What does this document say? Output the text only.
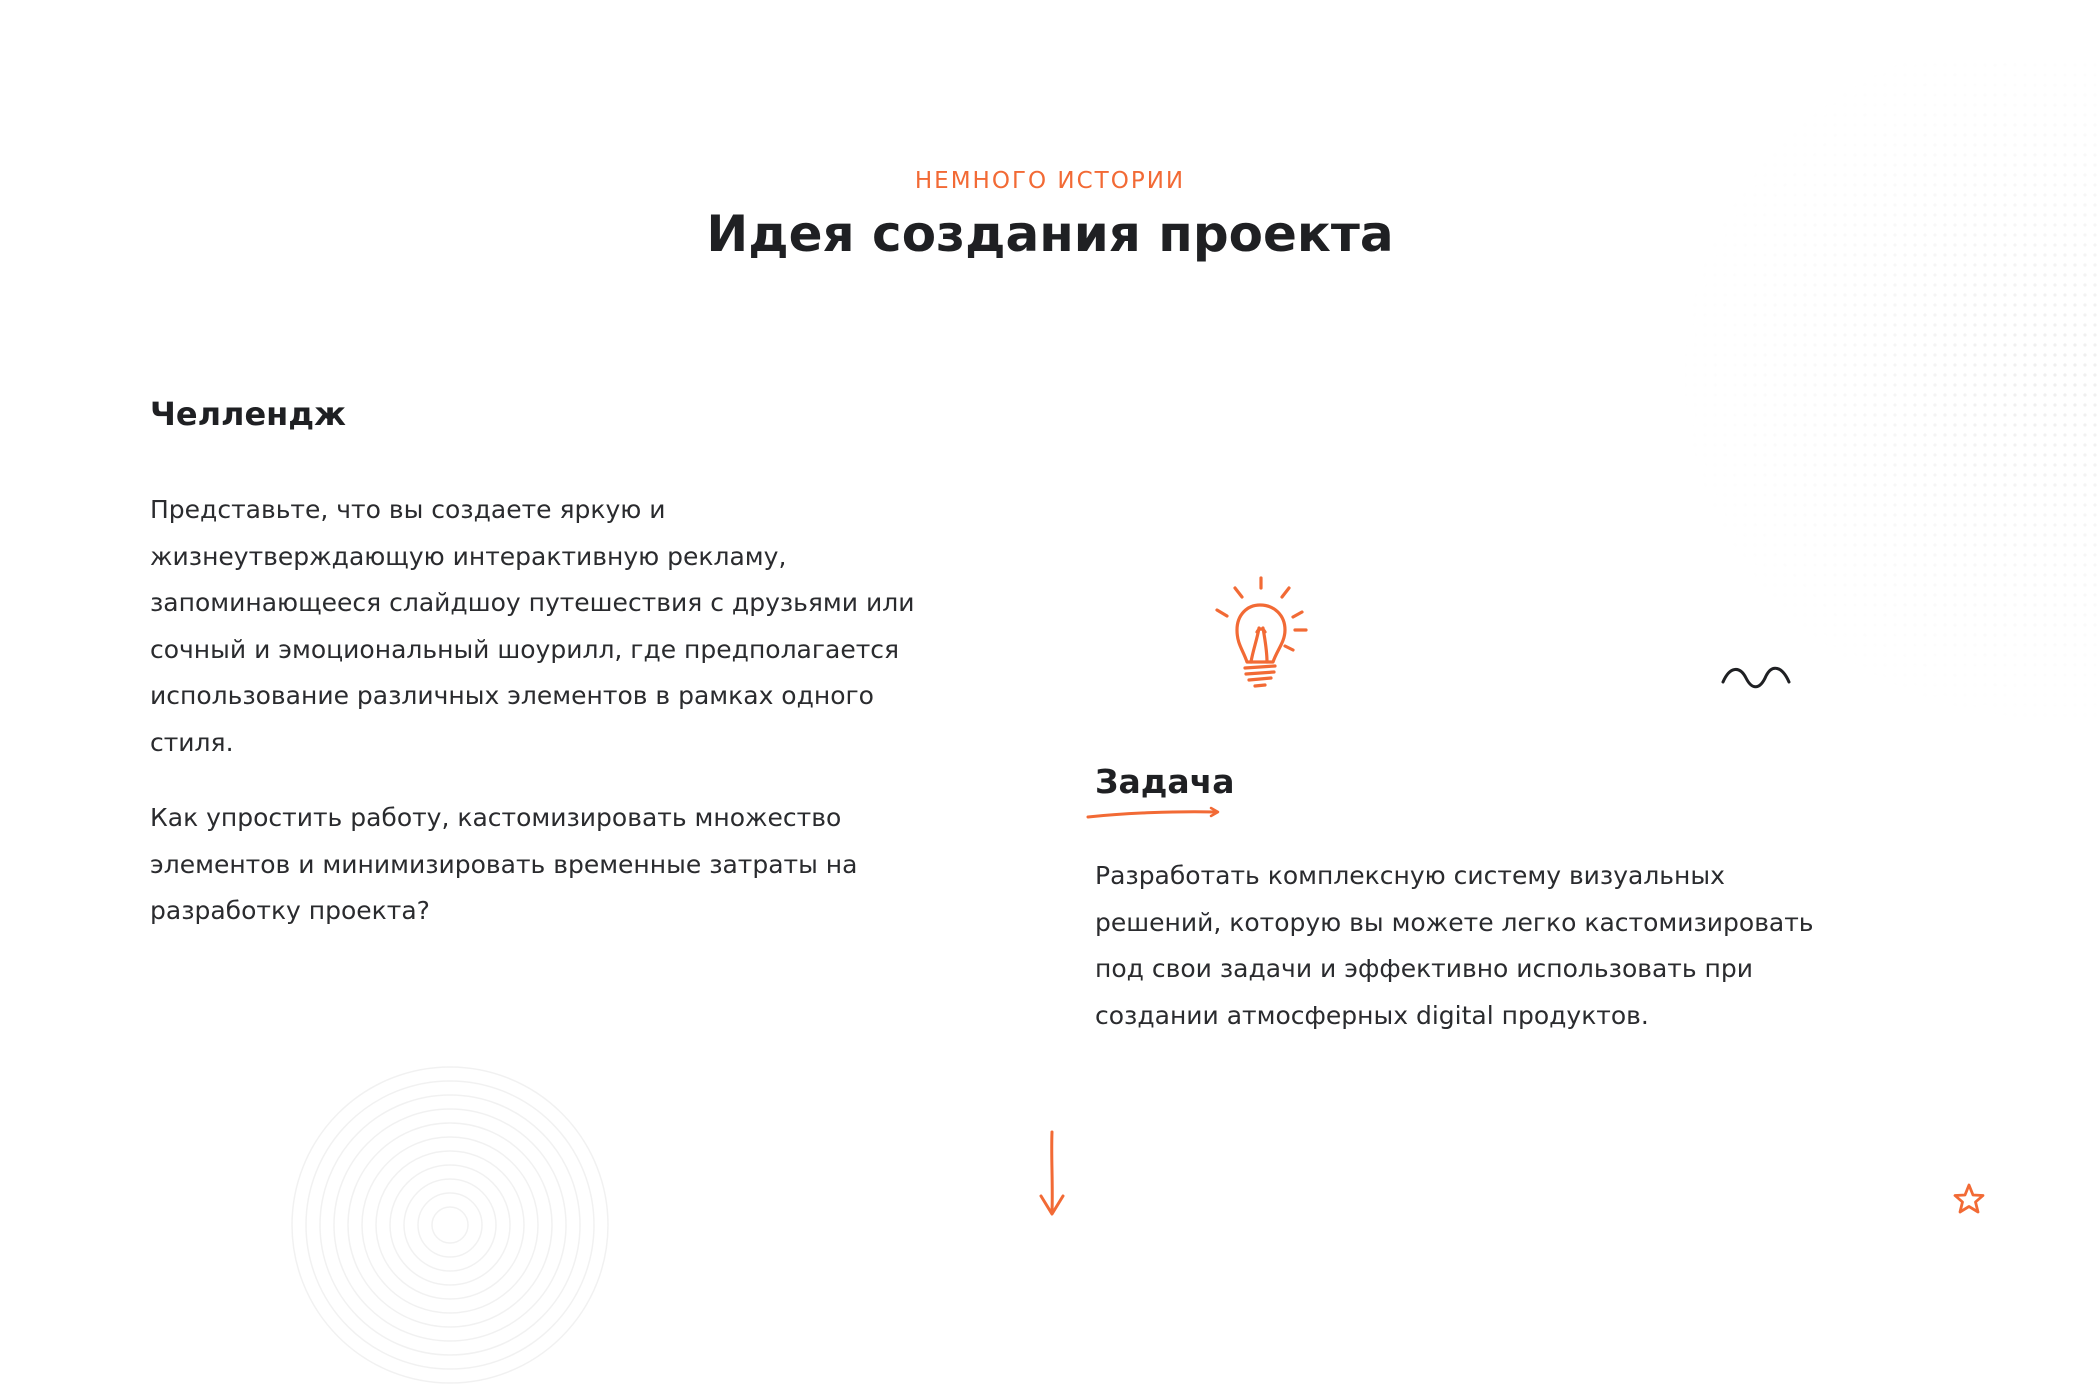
НЕМНОГО ИСТОРИИ
Идея создания проекта
Челлендж

Представьте, что вы создаете яркую и жизнеутверждающую интерактивную рекламу, запоминающееся слайдшоу путешествия с друзьями или сочный и эмоциональный шоурилл, где предполагается использование различных элементов в рамках одного стиля.

Как упростить работу, кастомизировать множество элементов и минимизировать временные затраты на разработку проекта?

Задача

Разработать комплексную систему визуальных решений, которую вы можете легко кастомизировать под свои задачи и эффективно использовать при создании атмосферных digital продуктов.
